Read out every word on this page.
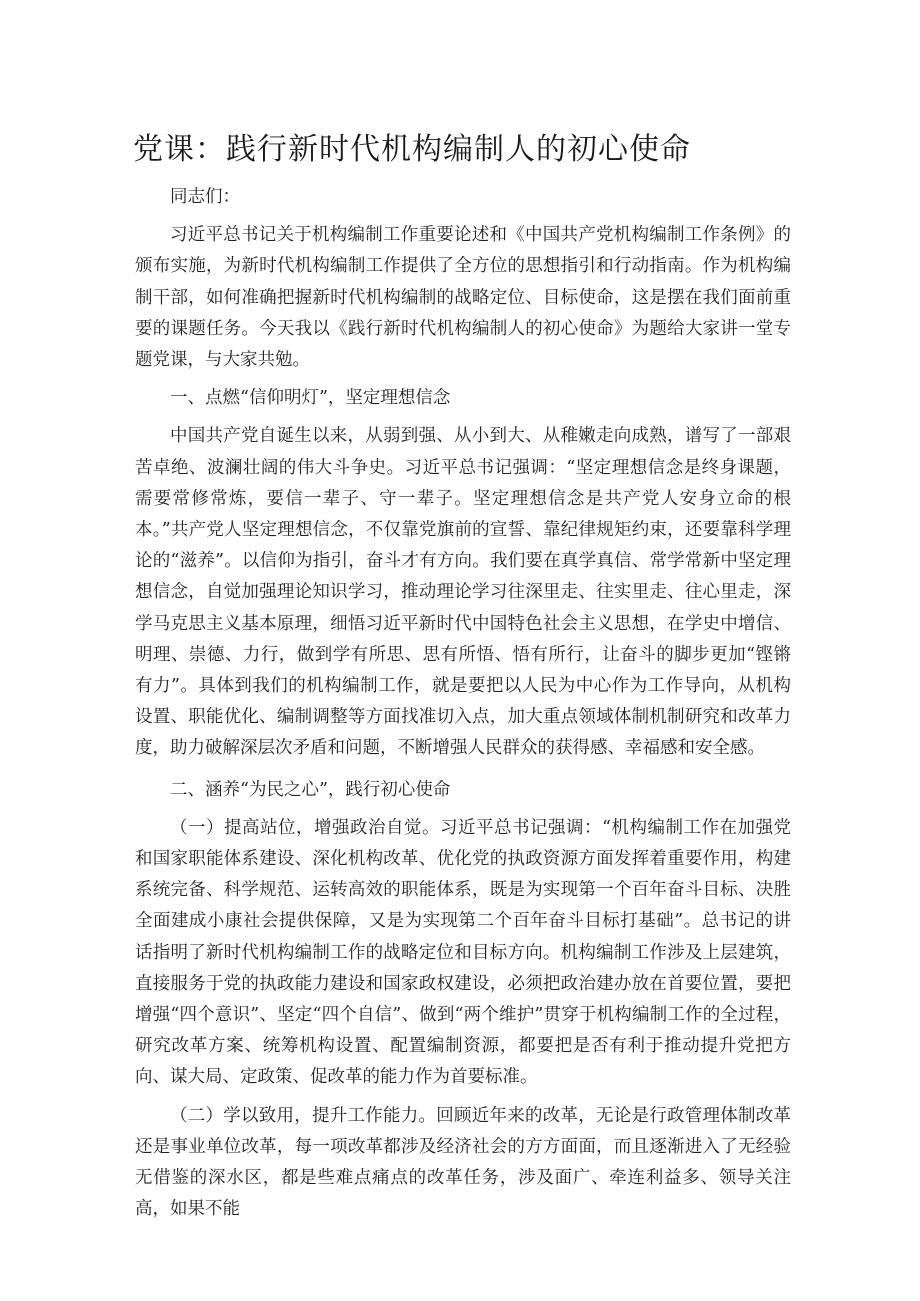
党课：践行新时代机构编制人的初心使命

同志们：

习近平总书记关于机构编制工作重要论述和《中国共产党机构编制工作条例》的颁布实施，为新时代机构编制工作提供了全方位的思想指引和行动指南。作为机构编制干部，如何准确把握新时代机构编制的战略定位、目标使命，这是摆在我们面前重要的课题任务。今天我以《践行新时代机构编制人的初心使命》为题给大家讲一堂专题党课，与大家共勉。

一、点燃“信仰明灯”，坚定理想信念

中国共产党自诞生以来，从弱到强、从小到大、从稚嫩走向成熟，谱写了一部艰苦卓绝、波澜壮阔的伟大斗争史。习近平总书记强调：“坚定理想信念是终身课题，需要常修常炼，要信一辈子、守一辈子。坚定理想信念是共产党人安身立命的根本。”共产党人坚定理想信念，不仅靠党旗前的宣誓、靠纪律规矩约束，还要靠科学理论的“滋养”。以信仰为指引，奋斗才有方向。我们要在真学真信、常学常新中坚定理想信念，自觉加强理论知识学习，推动理论学习往深里走、往实里走、往心里走，深学马克思主义基本原理，细悟习近平新时代中国特色社会主义思想，在学史中增信、明理、崇德、力行，做到学有所思、思有所悟、悟有所行，让奋斗的脚步更加“铿锵有力”。具体到我们的机构编制工作，就是要把以人民为中心作为工作导向，从机构设置、职能优化、编制调整等方面找准切入点，加大重点领域体制机制研究和改革力度，助力破解深层次矛盾和问题，不断增强人民群众的获得感、幸福感和安全感。

二、涵养“为民之心”，践行初心使命

（一）提高站位，增强政治自觉。习近平总书记强调：“机构编制工作在加强党和国家职能体系建设、深化机构改革、优化党的执政资源方面发挥着重要作用，构建系统完备、科学规范、运转高效的职能体系，既是为实现第一个百年奋斗目标、决胜全面建成小康社会提供保障，又是为实现第二个百年奋斗目标打基础”。总书记的讲话指明了新时代机构编制工作的战略定位和目标方向。机构编制工作涉及上层建筑，直接服务于党的执政能力建设和国家政权建设，必须把政治建办放在首要位置，要把增强“四个意识”、坚定“四个自信”、做到“两个维护”贯穿于机构编制工作的全过程，研究改革方案、统筹机构设置、配置编制资源，都要把是否有利于推动提升党把方向、谋大局、定政策、促改革的能力作为首要标准。

（二）学以致用，提升工作能力。回顾近年来的改革，无论是行政管理体制改革还是事业单位改革，每一项改革都涉及经济社会的方方面面，而且逐渐进入了无经验无借鉴的深水区，都是些难点痛点的改革任务，涉及面广、牵连利益多、领导关注高，如果不能
